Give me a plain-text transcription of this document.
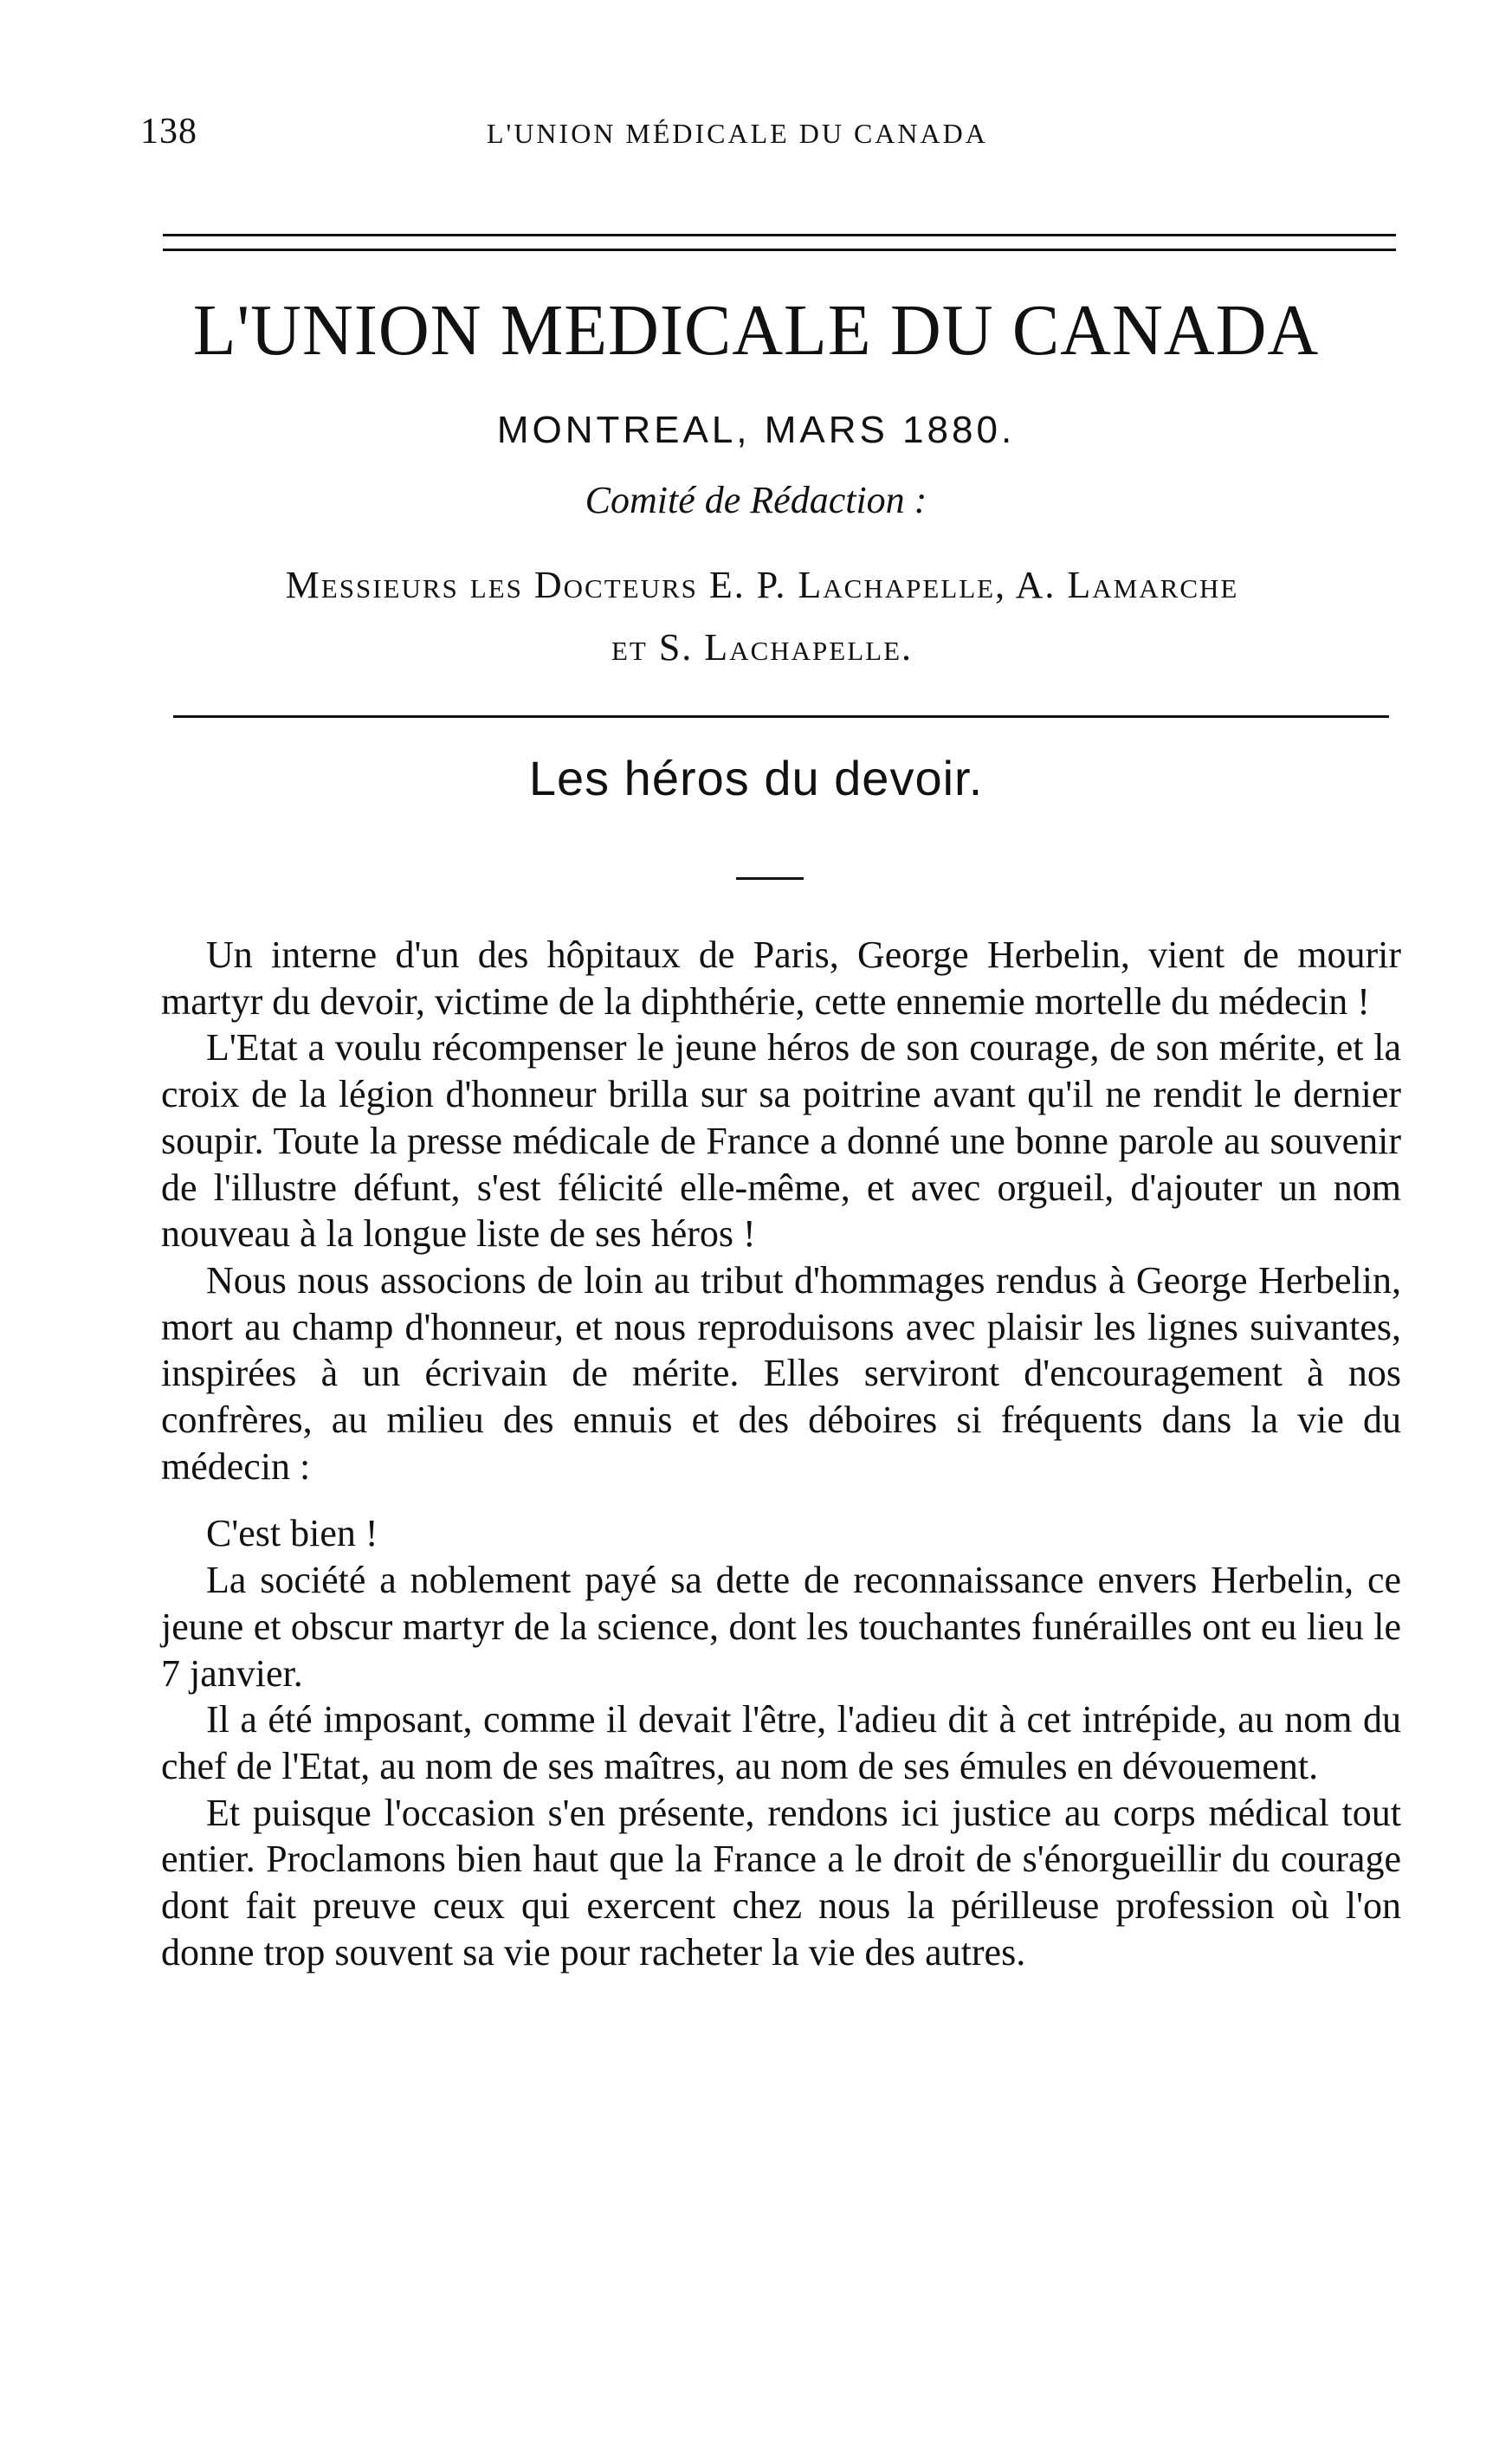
138	L'UNION MÉDICALE DU CANADA
L'UNION MEDICALE DU CANADA
MONTREAL, MARS 1880.
Comité de Rédaction :
Messieurs les Docteurs E. P. Lachapelle, A. Lamarche
et S. Lachapelle.
Les héros du devoir.

Un interne d'un des hôpitaux de Paris, George Herbelin, vient de mourir martyr du devoir, victime de la diphthérie, cette ennemie mortelle du médecin !

L'Etat a voulu récompenser le jeune héros de son courage, de son mérite, et la croix de la légion d'honneur brilla sur sa poitrine avant qu'il ne rendit le dernier soupir. Toute la presse médicale de France a donné une bonne parole au souvenir de l'illustre défunt, s'est félicité elle-même, et avec orgueil, d'ajouter un nom nouveau à la longue liste de ses héros !

Nous nous associons de loin au tribut d'hommages rendus à George Herbelin, mort au champ d'honneur, et nous reproduisons avec plaisir les lignes suivantes, inspirées à un écrivain de mérite. Elles serviront d'encouragement à nos confrères, au milieu des ennuis et des déboires si fréquents dans la vie du médecin :

C'est bien !

La société a noblement payé sa dette de reconnaissance envers Herbelin, ce jeune et obscur martyr de la science, dont les touchantes funérailles ont eu lieu le 7 janvier.

Il a été imposant, comme il devait l'être, l'adieu dit à cet intrépide, au nom du chef de l'Etat, au nom de ses maîtres, au nom de ses émules en dévouement.

Et puisque l'occasion s'en présente, rendons ici justice au corps médical tout entier. Proclamons bien haut que la France a le droit de s'énorgueillir du courage dont fait preuve ceux qui exercent chez nous la périlleuse profession où l'on donne trop souvent sa vie pour racheter la vie des autres.
